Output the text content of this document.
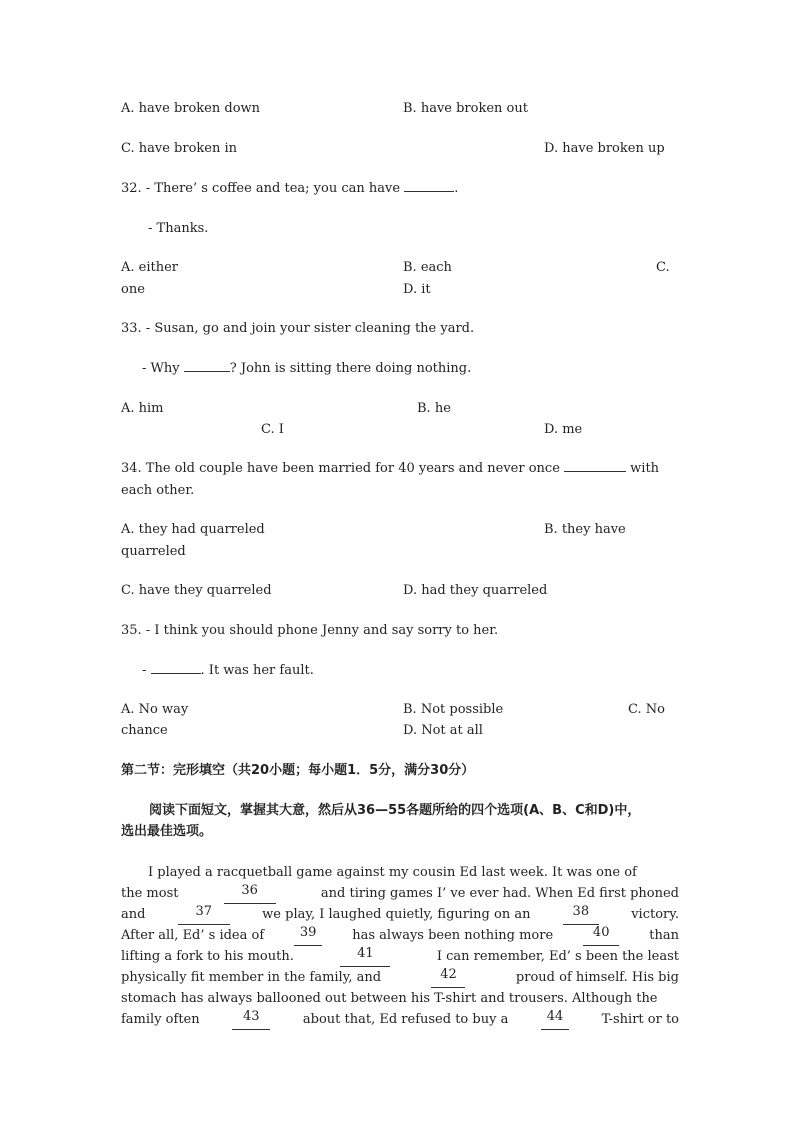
A. have broken down	B. have broken out
C. have broken in	D. have broken up
32. - There’ s coffee and tea; you can have	.
- Thanks.
A. either	B. each	C.
one	D. it
33. - Susan, go and join your sister cleaning the yard.
- Why	? John is sitting there doing nothing.
A. him	B. he
C. I	D. me
34. The old couple have been married for 40 years and never once	with
each other.
A. they had quarreled	B. they have
quarreled
C. have they quarreled	D. had they quarreled
35. - I think you should phone Jenny and say sorry to her.
-	. It was her fault.
A. No way	B. Not possible	C. No
chance	D. Not at all
第二节：完形填空（共20小题；每小题1．5分，满分30分）
阅读下面短文，掌握其大意，然后从36—55各题所给的四个选项(A、B、C和D)中，
选出最佳选项。
I played a racquetball game against my cousin Ed last week. It was one of
the most	36	and tiring games I’ ve ever had. When Ed first phoned
and	37	we play, I laughed quietly, figuring on an	38	victory.
After all, Ed’ s idea of	39	has always been nothing more	40	than
lifting a fork to his mouth.	41	I can remember, Ed’ s been the least
physically fit member in the family, and	42	proud of himself. His big
stomach has always ballooned out between his T-shirt and trousers. Although the
family often	43	about that, Ed refused to buy a	44	T-shirt or to
